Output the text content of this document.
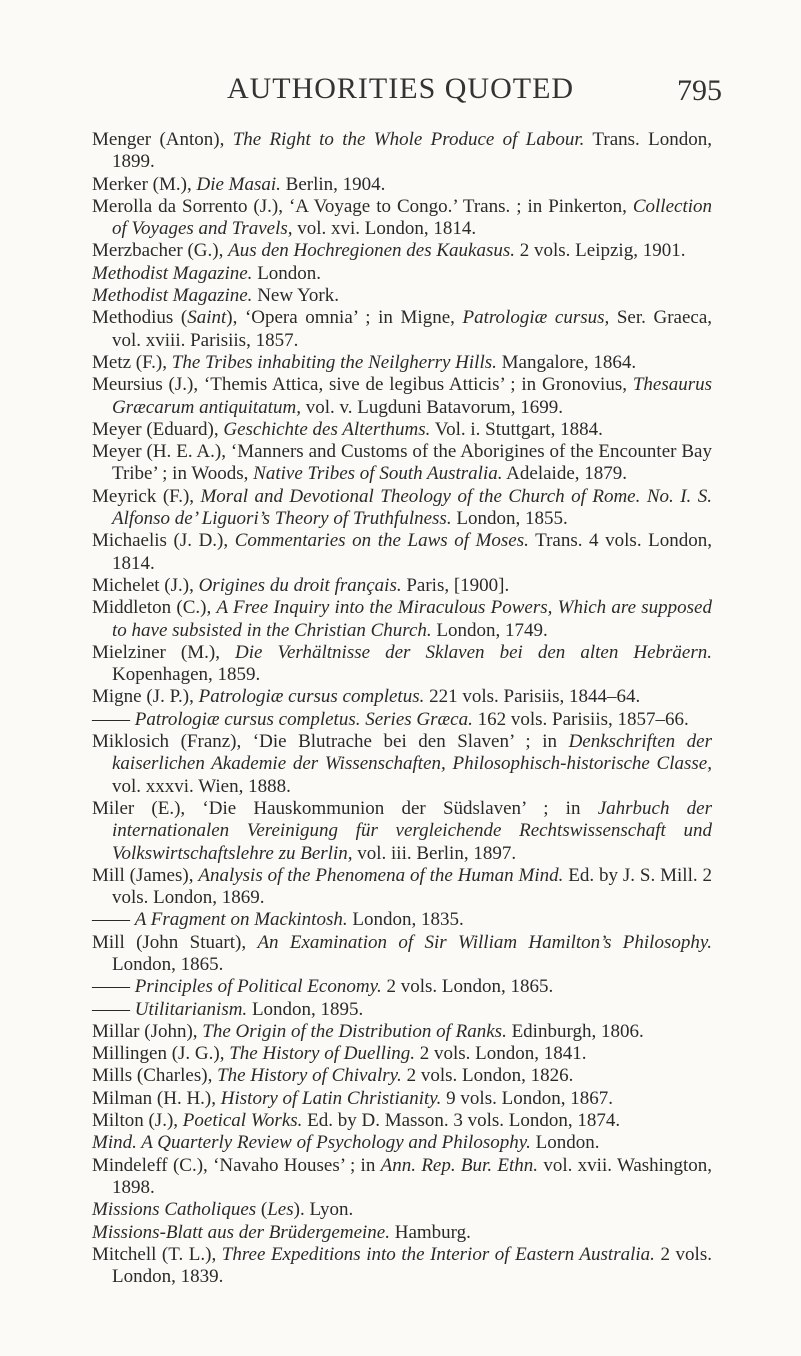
AUTHORITIES QUOTED	795

Menger (Anton), The Right to the Whole Produce of Labour. Trans. London, 1899.

Merker (M.), Die Masai. Berlin, 1904.

Merolla da Sorrento (J.), ‘A Voyage to Congo.’ Trans. ; in Pinkerton, Collection of Voyages and Travels, vol. xvi. London, 1814.

Merzbacher (G.), Aus den Hochregionen des Kaukasus. 2 vols. Leipzig, 1901.

Methodist Magazine. London.

Methodist Magazine. New York.

Methodius (Saint), ‘Opera omnia’ ; in Migne, Patrologiæ cursus, Ser. Graeca, vol. xviii. Parisiis, 1857.

Metz (F.), The Tribes inhabiting the Neilgherry Hills. Mangalore, 1864.

Meursius (J.), ‘Themis Attica, sive de legibus Atticis’ ; in Gronovius, Thesaurus Græcarum antiquitatum, vol. v. Lugduni Batavorum, 1699.

Meyer (Eduard), Geschichte des Alterthums. Vol. i. Stuttgart, 1884.

Meyer (H. E. A.), ‘Manners and Customs of the Aborigines of the Encounter Bay Tribe’ ; in Woods, Native Tribes of South Australia. Adelaide, 1879.

Meyrick (F.), Moral and Devotional Theology of the Church of Rome. No. I. S. Alfonso de’ Liguori’s Theory of Truthfulness. London, 1855.

Michaelis (J. D.), Commentaries on the Laws of Moses. Trans. 4 vols. London, 1814.

Michelet (J.), Origines du droit français. Paris, [1900].

Middleton (C.), A Free Inquiry into the Miraculous Powers, Which are supposed to have subsisted in the Christian Church. London, 1749.

Mielziner (M.), Die Verhältnisse der Sklaven bei den alten Hebräern. Kopenhagen, 1859.

Migne (J. P.), Patrologiæ cursus completus. 221 vols. Parisiis, 1844–64.

—— Patrologiæ cursus completus. Series Græca. 162 vols. Parisiis, 1857–66.

Miklosich (Franz), ‘Die Blutrache bei den Slaven’ ; in Denkschriften der kaiserlichen Akademie der Wissenschaften, Philosophisch-historische Classe, vol. xxxvi. Wien, 1888.

Miler (E.), ‘Die Hauskommunion der Südslaven’ ; in Jahrbuch der internationalen Vereinigung für vergleichende Rechtswissenschaft und Volkswirtschaftslehre zu Berlin, vol. iii. Berlin, 1897.

Mill (James), Analysis of the Phenomena of the Human Mind. Ed. by J. S. Mill. 2 vols. London, 1869.

—— A Fragment on Mackintosh. London, 1835.

Mill (John Stuart), An Examination of Sir William Hamilton’s Philosophy. London, 1865.

—— Principles of Political Economy. 2 vols. London, 1865.

—— Utilitarianism. London, 1895.

Millar (John), The Origin of the Distribution of Ranks. Edinburgh, 1806.

Millingen (J. G.), The History of Duelling. 2 vols. London, 1841.

Mills (Charles), The History of Chivalry. 2 vols. London, 1826.

Milman (H. H.), History of Latin Christianity. 9 vols. London, 1867.

Milton (J.), Poetical Works. Ed. by D. Masson. 3 vols. London, 1874.

Mind. A Quarterly Review of Psychology and Philosophy. London.

Mindeleff (C.), ‘Navaho Houses’ ; in Ann. Rep. Bur. Ethn. vol. xvii. Washington, 1898.

Missions Catholiques (Les). Lyon.

Missions-Blatt aus der Brüdergemeine. Hamburg.

Mitchell (T. L.), Three Expeditions into the Interior of Eastern Australia. 2 vols. London, 1839.
